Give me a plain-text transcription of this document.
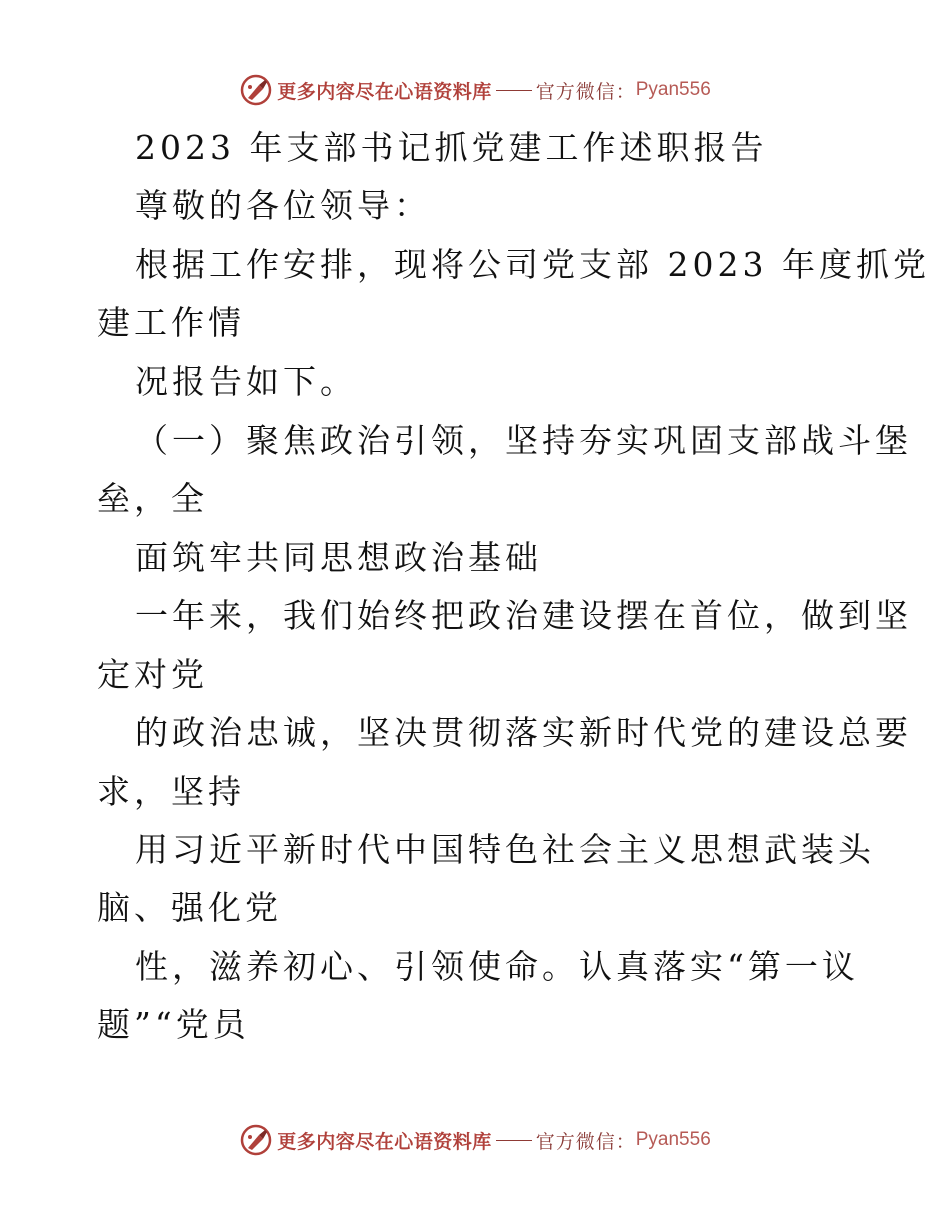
更多内容尽在心语资料库 官方微信： Pyan556
2023 年支部书记抓党建工作述职报告
尊敬的各位领导：
根据工作安排，现将公司党支部 2023 年度抓党
建工作情
况报告如下。
（一）聚焦政治引领，坚持夯实巩固支部战斗堡
垒，全
面筑牢共同思想政治基础
一年来，我们始终把政治建设摆在首位，做到坚
定对党
的政治忠诚，坚决贯彻落实新时代党的建设总要
求，坚持
用习近平新时代中国特色社会主义思想武装头
脑、强化党
性，滋养初心、引领使命。认真落实“第一议
题”“党员
更多内容尽在心语资料库 官方微信： Pyan556
